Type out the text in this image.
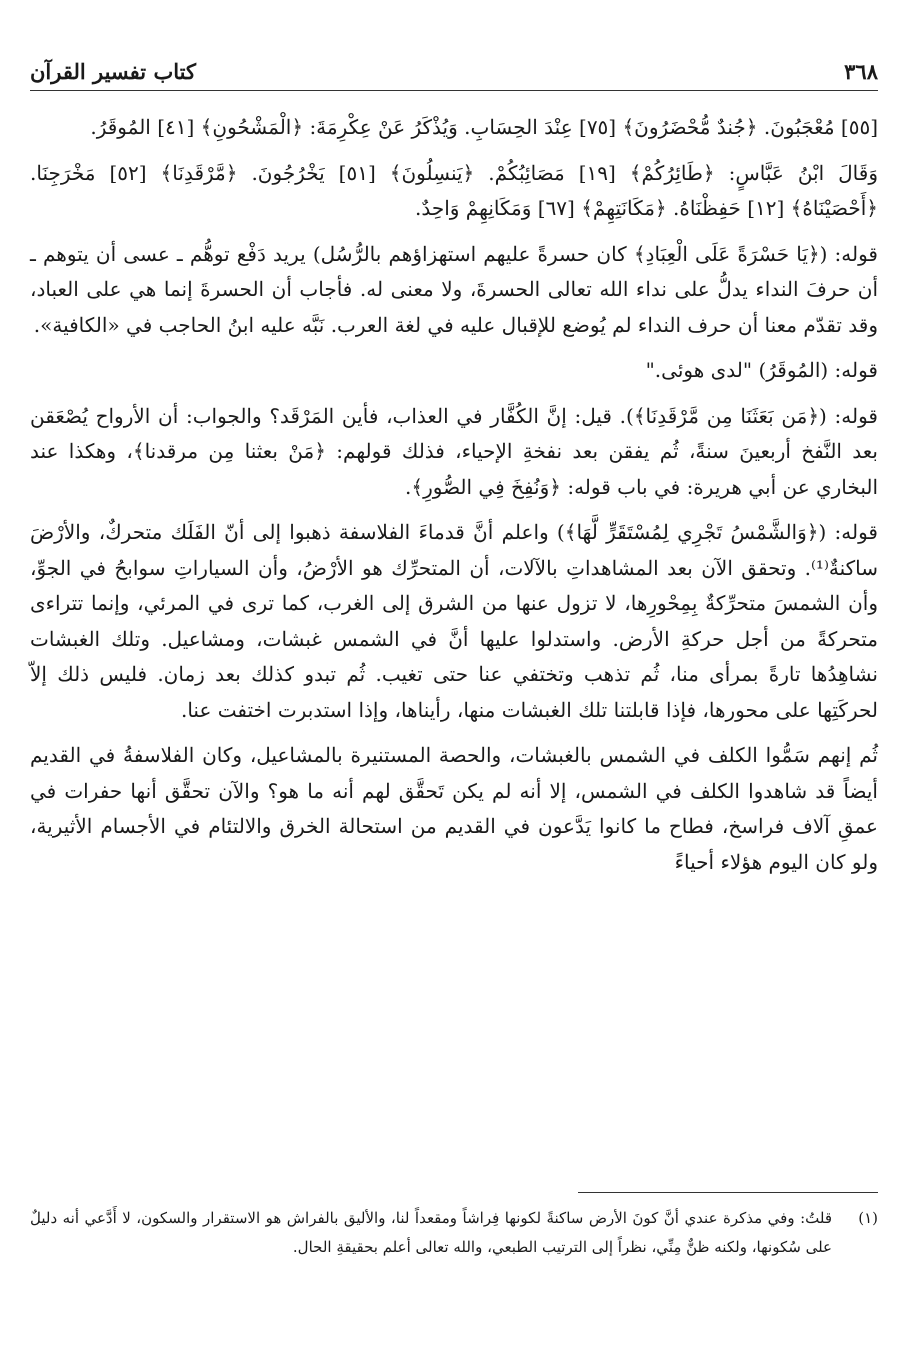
٣٦٨
كتاب تفسير القرآن

[٥٥] مُعْجَبُونَ. ﴿جُندٌ مُّحْضَرُونَ﴾ [٧٥] عِنْدَ الحِسَابِ. وَيُذْكَرُ عَنْ عِكْرِمَةَ: ﴿الْمَشْحُونِ﴾ [٤١] المُوقَرُ.

وَقَالَ ابْنُ عَبَّاسٍ: ﴿طَائِرُكُمْ﴾ [١٩] مَصَائِبُكُمْ. ﴿يَنسِلُونَ﴾ [٥١] يَخْرُجُونَ. ﴿مَّرْقَدِنَا﴾ [٥٢] مَخْرَجِنَا. ﴿أَحْصَيْنَاهُ﴾ [١٢] حَفِظْنَاهُ. ﴿مَكَانَتِهِمْ﴾ [٦٧] وَمَكَانِهِمْ وَاحِدٌ.

قوله: (﴿يَا حَسْرَةً عَلَى الْعِبَادِ﴾ كان حسرةً عليهم استهزاؤهم بالرُّسُل) يريد دَفْع توهُّم ـ عسى أن يتوهم ـ أن حرفَ النداء يدلُّ على نداء الله تعالى الحسرةَ، ولا معنى له. فأجاب أن الحسرةَ إنما هي على العباد، وقد تقدّم معنا أن حرف النداء لم يُوضع للإقبال عليه في لغة العرب. نَبَّه عليه ابنُ الحاجب في «الكافية».

قوله: (المُوقَرُ) "لدى هوئى."

قوله: (﴿مَن بَعَثَنَا مِن مَّرْقَدِنَا﴾). قيل: إنَّ الكُفَّار في العذاب، فأين المَرْقَد؟ والجواب: أن الأرواح يُصْعَقن بعد النَّفخ أربعينَ سنةً، ثُم يفقن بعد نفخةِ الإحياء، فذلك قولهم: ﴿مَنْ بعثنا مِن مرقدنا﴾، وهكذا عند البخاري عن أبي هريرة: في باب قوله: ﴿وَنُفِخَ فِي الصُّورِ﴾.

قوله: (﴿وَالشَّمْسُ تَجْرِي لِمُسْتَقَرٍّ لَّهَا﴾) واعلم أنَّ قدماءَ الفلاسفة ذهبوا إلى أنّ الفَلَك متحركٌ، والأرْضَ ساكنةٌ⁽¹⁾. وتحقق الآن بعد المشاهداتِ بالآلات، أن المتحرِّك هو الأرْضُ، وأن السياراتِ سوابحُ في الجوِّ، وأن الشمسَ متحرِّكةٌ بِمِحْورِها، لا تزول عنها من الشرق إلى الغرب، كما ترى في المرئي، وإنما تتراءى متحركةً من أجل حركةِ الأرض. واستدلوا عليها أنَّ في الشمس غبشات، ومشاعيل. وتلك الغبشات نشاهِدُها تارةً بمرأى منا، ثُم تذهب وتختفي عنا حتى تغيب. ثُم تبدو كذلك بعد زمان. فليس ذلك إلاّ لحركَتِها على محورها، فإذا قابلتنا تلك الغبشات منها، رأيناها، وإذا استدبرت اختفت عنا.

ثُم إنهم سَمُّوا الكلف في الشمس بالغبشات، والحصة المستنيرة بالمشاعيل، وكان الفلاسفةُ في القديم أيضاً قد شاهدوا الكلف في الشمس، إلا أنه لم يكن تَحقَّق لهم أنه ما هو؟ والآن تحقَّق أنها حفرات في عمقِ آلاف فراسخ، فطاح ما كانوا يَدَّعون في القديم من استحالة الخرق والالتئام في الأجسام الأثيرية، ولو كان اليوم هؤلاء أحياءً

(١)
قلتُ: وفي مذكرة عندي أنَّ كونَ الأرض ساكنةً لكونها فِراشاً ومقعداً لنا، والأليق بالفراش هو الاستقرار والسكون، لا أَدَّعي أنه دليلٌ على سُكونها، ولكنه ظنٌّ مِنِّي، نظراً إلى الترتيب الطبعي، والله تعالى أعلم بحقيقةِ الحال.
